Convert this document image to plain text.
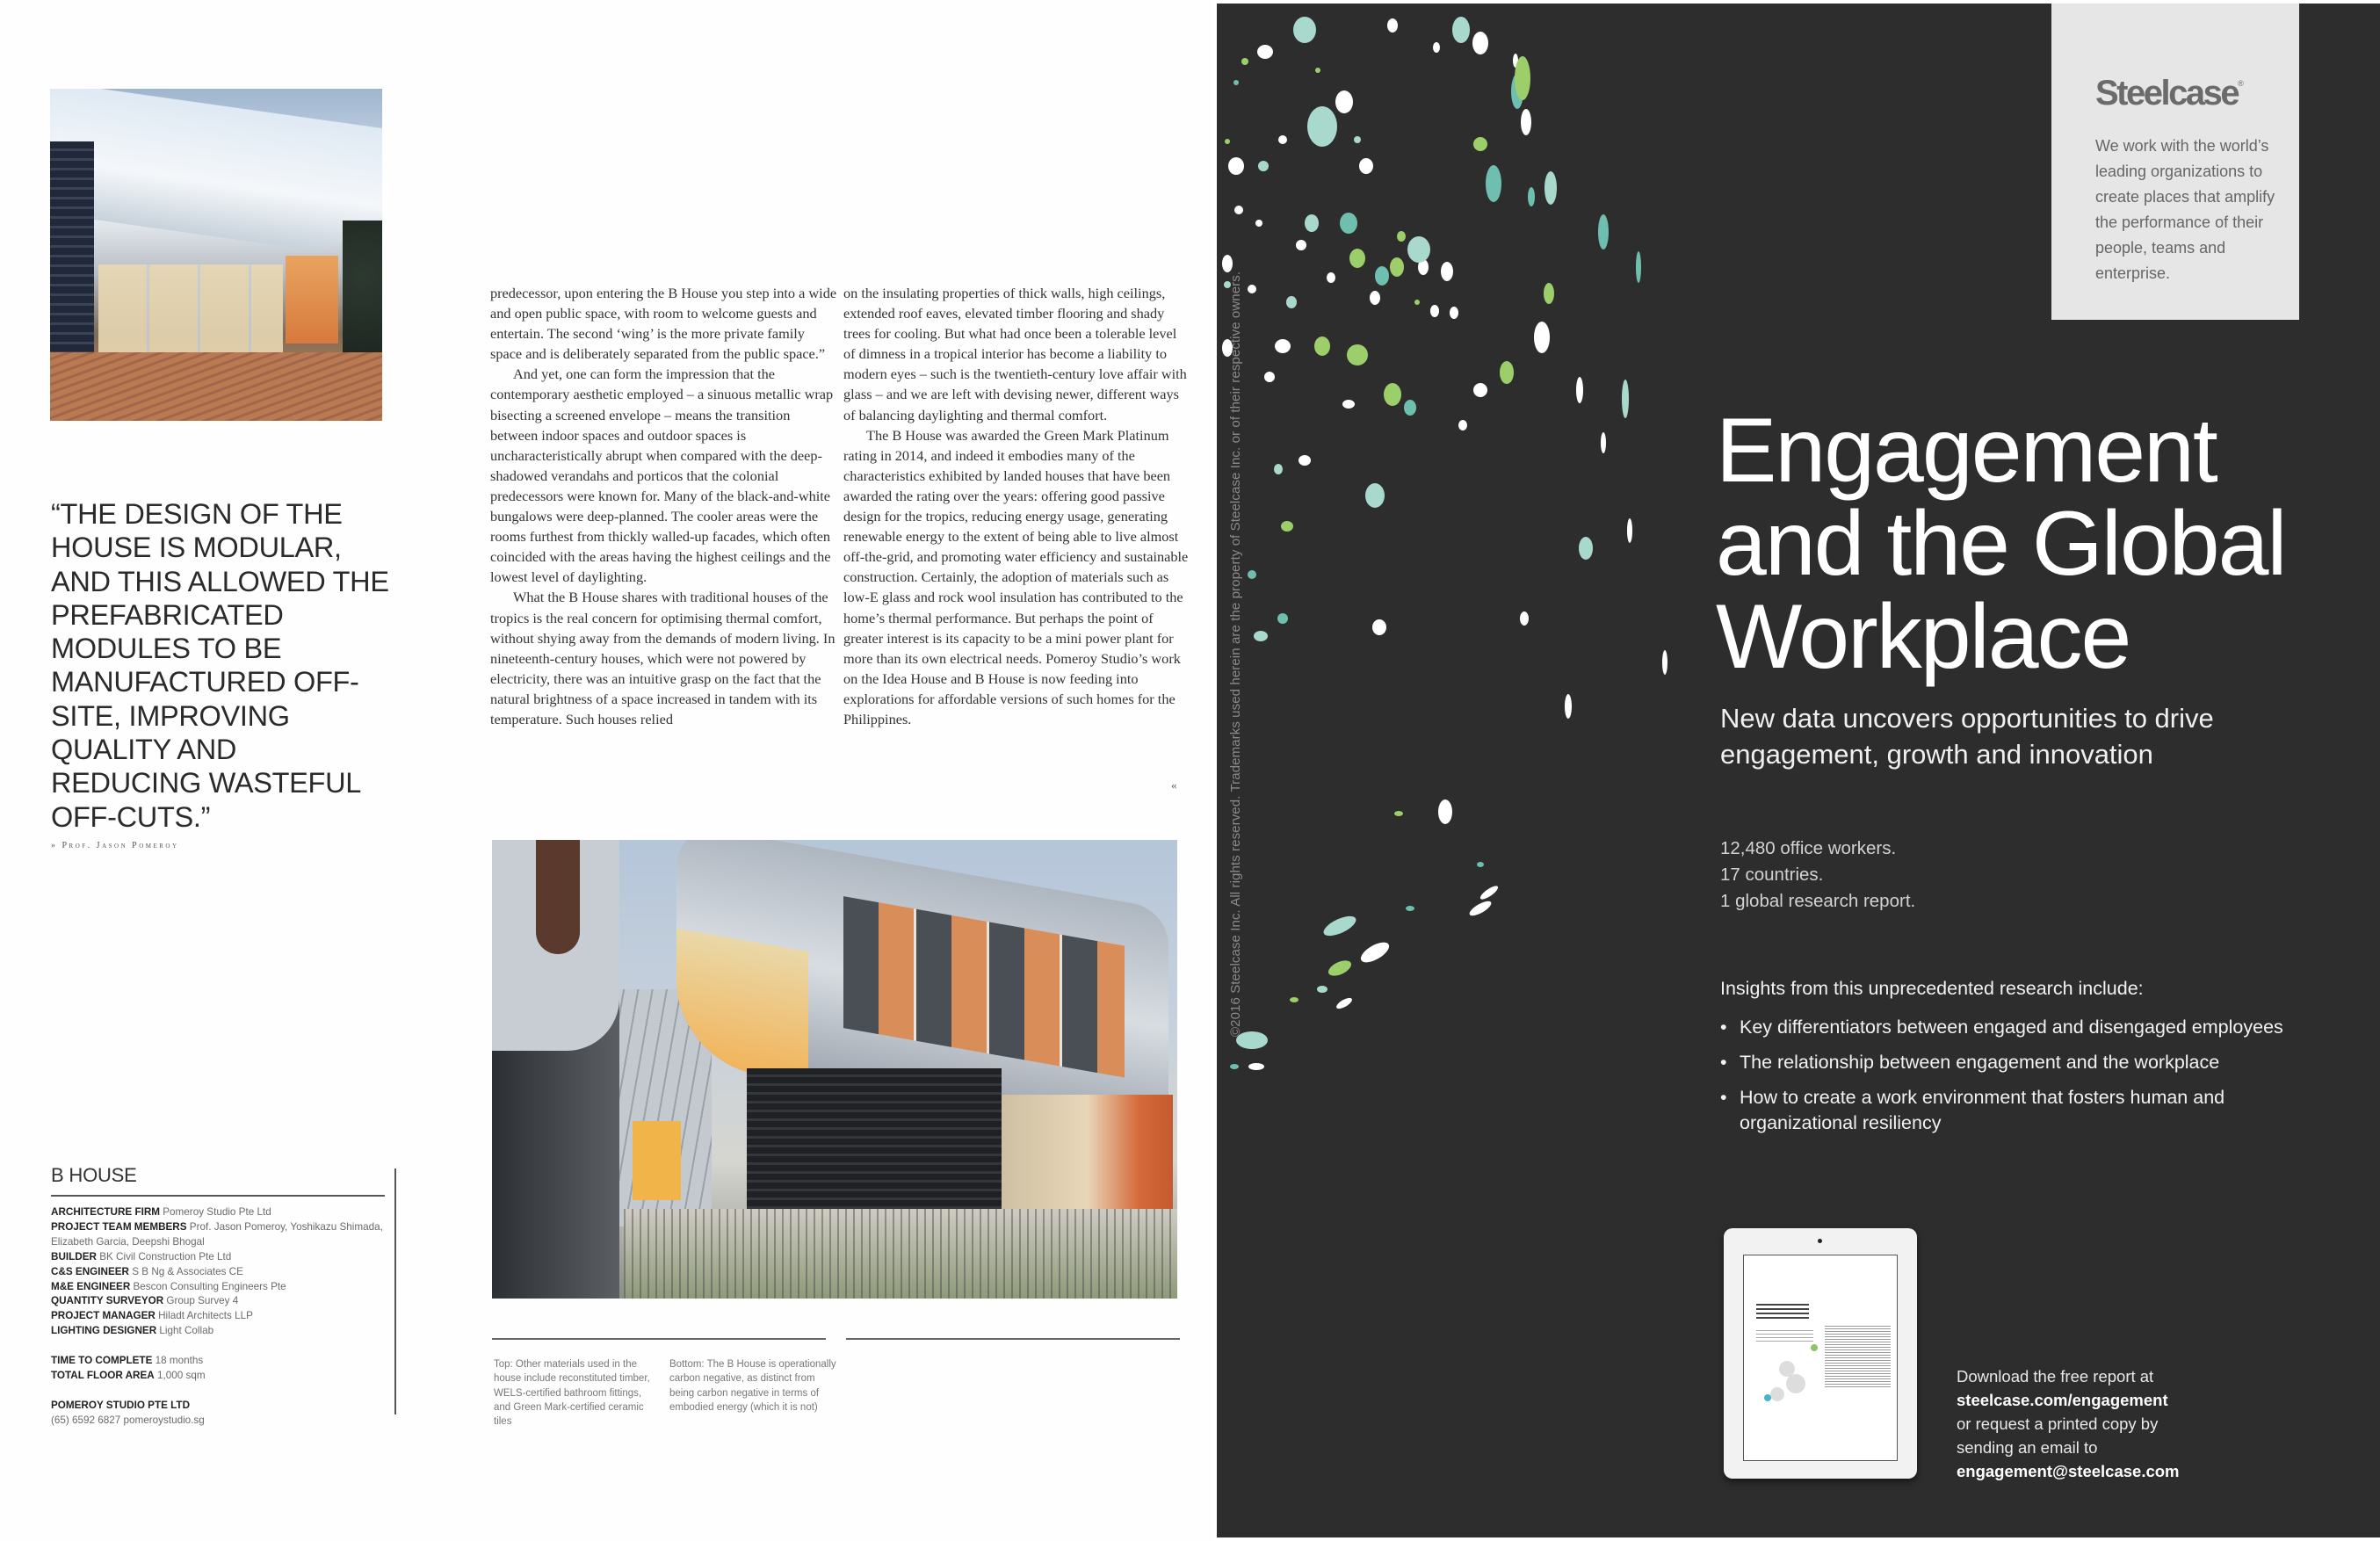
“THE DESIGN OF THE HOUSE IS MODULAR, AND THIS ALLOWED THE PREFABRICATED MODULES TO BE MANUFACTURED OFF-SITE, IMPROVING QUALITY AND REDUCING WASTEFUL OFF-CUTS.”
» Prof. Jason Pomeroy

predecessor, upon entering the B House you step into a wide and open public space, with room to welcome guests and entertain. The second ‘wing’ is the more private family space and is deliberately separated from the public space.”

And yet, one can form the impression that the contemporary aesthetic employed – a sinuous metallic wrap bisecting a screened envelope – means the transition between indoor spaces and outdoor spaces is uncharacteristically abrupt when compared with the deep-shadowed verandahs and porticos that the colonial predecessors were known for. Many of the black-and-white bungalows were deep-planned. The cooler areas were the rooms furthest from thickly walled-up facades, which often coincided with the areas having the highest ceilings and the lowest level of daylighting.

What the B House shares with traditional houses of the tropics is the real concern for optimising thermal comfort, without shying away from the demands of modern living. In nineteenth-century houses, which were not powered by electricity, there was an intuitive grasp on the fact that the natural brightness of a space increased in tandem with its temperature. Such houses relied

on the insulating properties of thick walls, high ceilings, extended roof eaves, elevated timber flooring and shady trees for cooling. But what had once been a tolerable level of dimness in a tropical interior has become a liability to modern eyes – such is the twentieth-century love affair with glass – and we are left with devising newer, different ways of balancing daylighting and thermal comfort.

The B House was awarded the Green Mark Platinum rating in 2014, and indeed it embodies many of the characteristics exhibited by landed houses that have been awarded the rating over the years: offering good passive design for the tropics, reducing energy usage, generating renewable energy to the extent of being able to live almost off-the-grid, and promoting water efficiency and sustainable construction. Certainly, the adoption of materials such as low-E glass and rock wool insulation has contributed to the home’s thermal performance. But perhaps the point of greater interest is its capacity to be a mini power plant for more than its own electrical needs. Pomeroy Studio’s work on the Idea House and B House is now feeding into explorations for affordable versions of such homes for the Philippines.

«
B HOUSE
ARCHITECTURE FIRM Pomeroy Studio Pte Ltd
PROJECT TEAM MEMBERS Prof. Jason Pomeroy, Yoshikazu Shimada, Elizabeth Garcia, Deepshi Bhogal
BUILDER BK Civil Construction Pte Ltd
C&S ENGINEER S B Ng & Associates CE
M&E ENGINEER Bescon Consulting Engineers Pte
QUANTITY SURVEYOR Group Survey 4
PROJECT MANAGER Hiladt Architects LLP
LIGHTING DESIGNER Light Collab
TIME TO COMPLETE 18 months
TOTAL FLOOR AREA 1,000 sqm
POMEROY STUDIO PTE LTD
(65) 6592 6827 pomeroystudio.sg
Top: Other materials used in the house include reconstituted timber, WELS-certified bathroom fittings, and Green Mark-certified ceramic tiles
Bottom: The B House is operationally carbon negative, as distinct from being carbon negative in terms of embodied energy (which it is not)
Steelcase®
We work with the world’s leading organizations to create places that amplify the performance of their people, teams and enterprise.
©2016 Steelcase Inc. All rights reserved. Trademarks used herein are the property of Steelcase Inc. or of their respective owners.	Engagement
and the Global
Workplace
New data uncovers opportunities to drive engagement, growth and innovation
12,480 office workers.
17 countries.
1 global research report.
Insights from this unprecedented research include:
• Key differentiators between engaged and disengaged employees
• The relationship between engagement and the workplace
• How to create a work environment that fosters human and organizational resiliency
Download the free report at
steelcase.com/engagement
or request a printed copy by
sending an email to
engagement@steelcase.com
